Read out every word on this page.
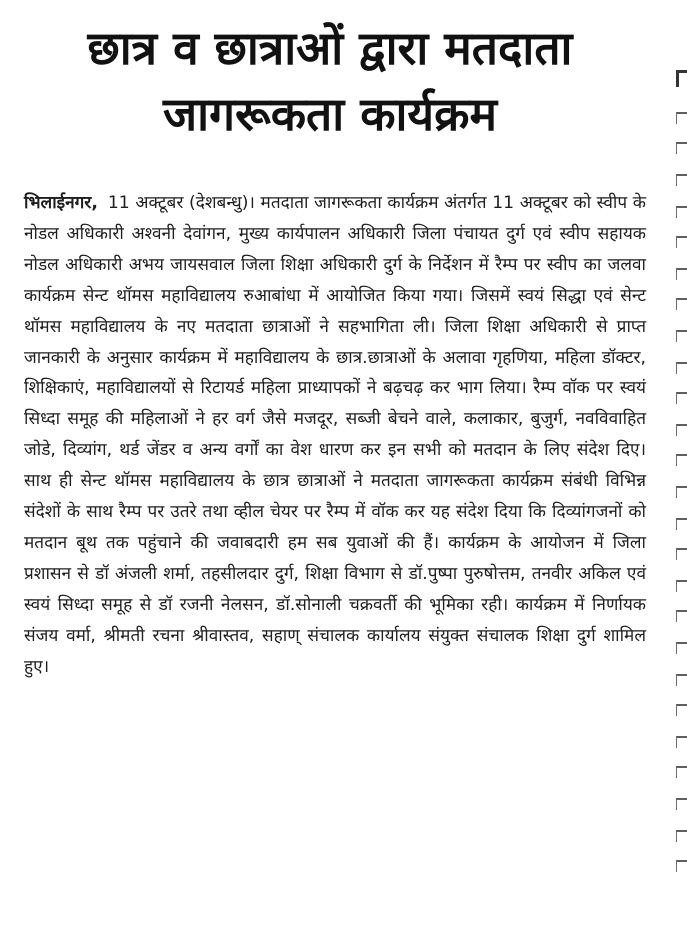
छात्र व छात्राओं द्वारा मतदाता
जागरूकता कार्यक्रम

भिलाईनगर, 11 अक्टूबर (देशबन्धु)। मतदाता जागरूकता कार्यक्रम अंतर्गत 11 अक्टूबर को स्वीप के नोडल अधिकारी अश्वनी देवांगन, मुख्य कार्यपालन अधिकारी जिला पंचायत दुर्ग एवं स्वीप सहायक नोडल अधिकारी अभय जायसवाल जिला शिक्षा अधिकारी दुर्ग के निर्देशन में रैम्प पर स्वीप का जलवा कार्यक्रम सेन्ट थॉमस महाविद्यालय रुआबांधा में आयोजित किया गया। जिसमें स्वयं सिद्धा एवं सेन्ट थॉमस महाविद्यालय के नए मतदाता छात्राओं ने सहभागिता ली। जिला शिक्षा अधिकारी से प्राप्त जानकारी के अनुसार कार्यक्रम में महाविद्यालय के छात्र.छात्राओं के अलावा गृहणिया, महिला डॉक्टर, शिक्षिकाएं, महाविद्यालयों से रिटायर्ड महिला प्राध्यापकों ने बढ़चढ़ कर भाग लिया। रैम्प वॉक पर स्वयं सिध्दा समूह की महिलाओं ने हर वर्ग जैसे मजदूर, सब्जी बेचने वाले, कलाकार, बुजुर्ग, नवविवाहित जोडे, दिव्यांग, थर्ड जेंडर व अन्य वर्गों का वेश धारण कर इन सभी को मतदान के लिए संदेश दिए। साथ ही सेन्ट थॉमस महाविद्यालय के छात्र छात्राओं ने मतदाता जागरूकता कार्यक्रम संबंधी विभिन्न संदेशों के साथ रैम्प पर उतरे तथा व्हील चेयर पर रैम्प में वॉक कर यह संदेश दिया कि दिव्यांगजनों को मतदान बूथ तक पहुंचाने की जवाबदारी हम सब युवाओं की हैं। कार्यक्रम के आयोजन में जिला प्रशासन से डॉ अंजली शर्मा, तहसीलदार दुर्ग, शिक्षा विभाग से डॉ.पुष्पा पुरुषोत्तम, तनवीर अकिल एवं स्वयं सिध्दा समूह से डॉ रजनी नेलसन, डॉ.सोनाली चक्रवर्ती की भूमिका रही। कार्यक्रम में निर्णायक संजय वर्मा, श्रीमती रचना श्रीवास्तव, सहाण् संचालक कार्यालय संयुक्त संचालक शिक्षा दुर्ग शामिल हुए।
